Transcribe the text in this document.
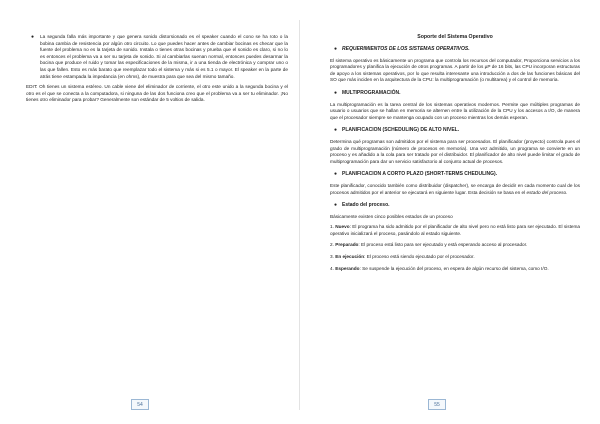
● La segunda falla más importante y que genera sonido distorsionado es el speaker cuando el cono se ha roto o la bobina cambia de resistencia por algún otro circuito. Lo que puedes hacer antes de cambiar bocinas es checar que la fuente del problema no es la tarjeta de sonido. Instala o tienes otras bocinas y prueba que el sonido es claro, si no lo es entonces el problema va a ser su tarjeta de sonido. Si al cambiarlas suenan normal, entonces puedes desarmar la bocina que produce el ruido y tomar las especificaciones de la misma, ir a una tienda de electrónica y comprar uno o las que fallen. Esto es más barato que reemplazar todo el sistema y más si es 5.1 o mayor. El speaker en la parte de atrás tiene estampada la impedancia (en ohms), de muestra para que sea del mismo tamaño.

EDIT: Oh tienes un sistema estéreo. Un cable viene del eliminador de corriente, el otro este unido a la segunda bocina y el otro es el que se conecta a la computadora, si ninguna de las dos funciona creo que el problema va a ser tu eliminador. ¡No tienes otro eliminador para probar? Generalmente son estándar de 5 voltios de salida.

54
Soporte del Sistema Operativo
● REQUERIMIENTOS DE LOS SISTEMAS OPERATIVOS.

El sistema operativo es básicamente un programa que controla los recursos del computador, Proporciona servicios a los programadores y planifica la ejecución de otros programas. A partir de los µP de 16 bits, las CPU incorporan estructuras de apoyo a los sistemas operativos, por lo que resulta interesante una introducción a dos de las funciones básicas del SO que más inciden en la arquitectura de la CPU: la multiprogramación (o multitarea) y el control de memoria.

● MULTIPROGRAMACIÓN.

La multiprogramación es la tarea central de los sistemas operativos modernos. Permite que múltiples programas de usuario o usuarios que se hallan en memoria se alternen entre la utilización de la CPU y los accesos a I/O, de manera que el procesador siempre se mantenga ocupado con un proceso mientras los demás esperan.

● PLANIFICACION (SCHEDULING) DE ALTO NIVEL.

Determina qué programas son admitidos por el sistema para ser procesados. El planificador (proyecto) controla pues el grado de multiprogramación (número de procesos en memoria). Una vez admitido, un programa se convierte en un proceso y es añadido a la cola para ser tratado por el distribuidor. El planificador de alto nivel puede limitar el grado de multiprogramación para dar un servicio satisfactorio al conjunto actual de procesos.

● PLANIFICACION A CORTO PLAZO (SHORT-TERMS CHEDULING).

Este planificador, conocido también como distribuidor (dispatcher), se encarga de decidir en cada momento cual de los procesos admitidos por el anterior se ejecutará en siguiente lugar. Esta decisión se basa en el estado del proceso.

● Estado del proceso.

Básicamente existen cinco posibles estados de un proceso

1. Nuevo: El programa ha sido admitido por el planificador de alto nivel pero no está listo para ser ejecutado. El sistema operativo inicializará el proceso, pasándolo al estado siguiente.

2. Preparado: El proceso está listo para ser ejecutado y está esperando acceso al procesador.

3. En ejecución: El proceso está siendo ejecutado por el procesador.

4. Esperando: Se suspende la ejecución del proceso, en espera de algún recurso del sistema, como I/O.

55
